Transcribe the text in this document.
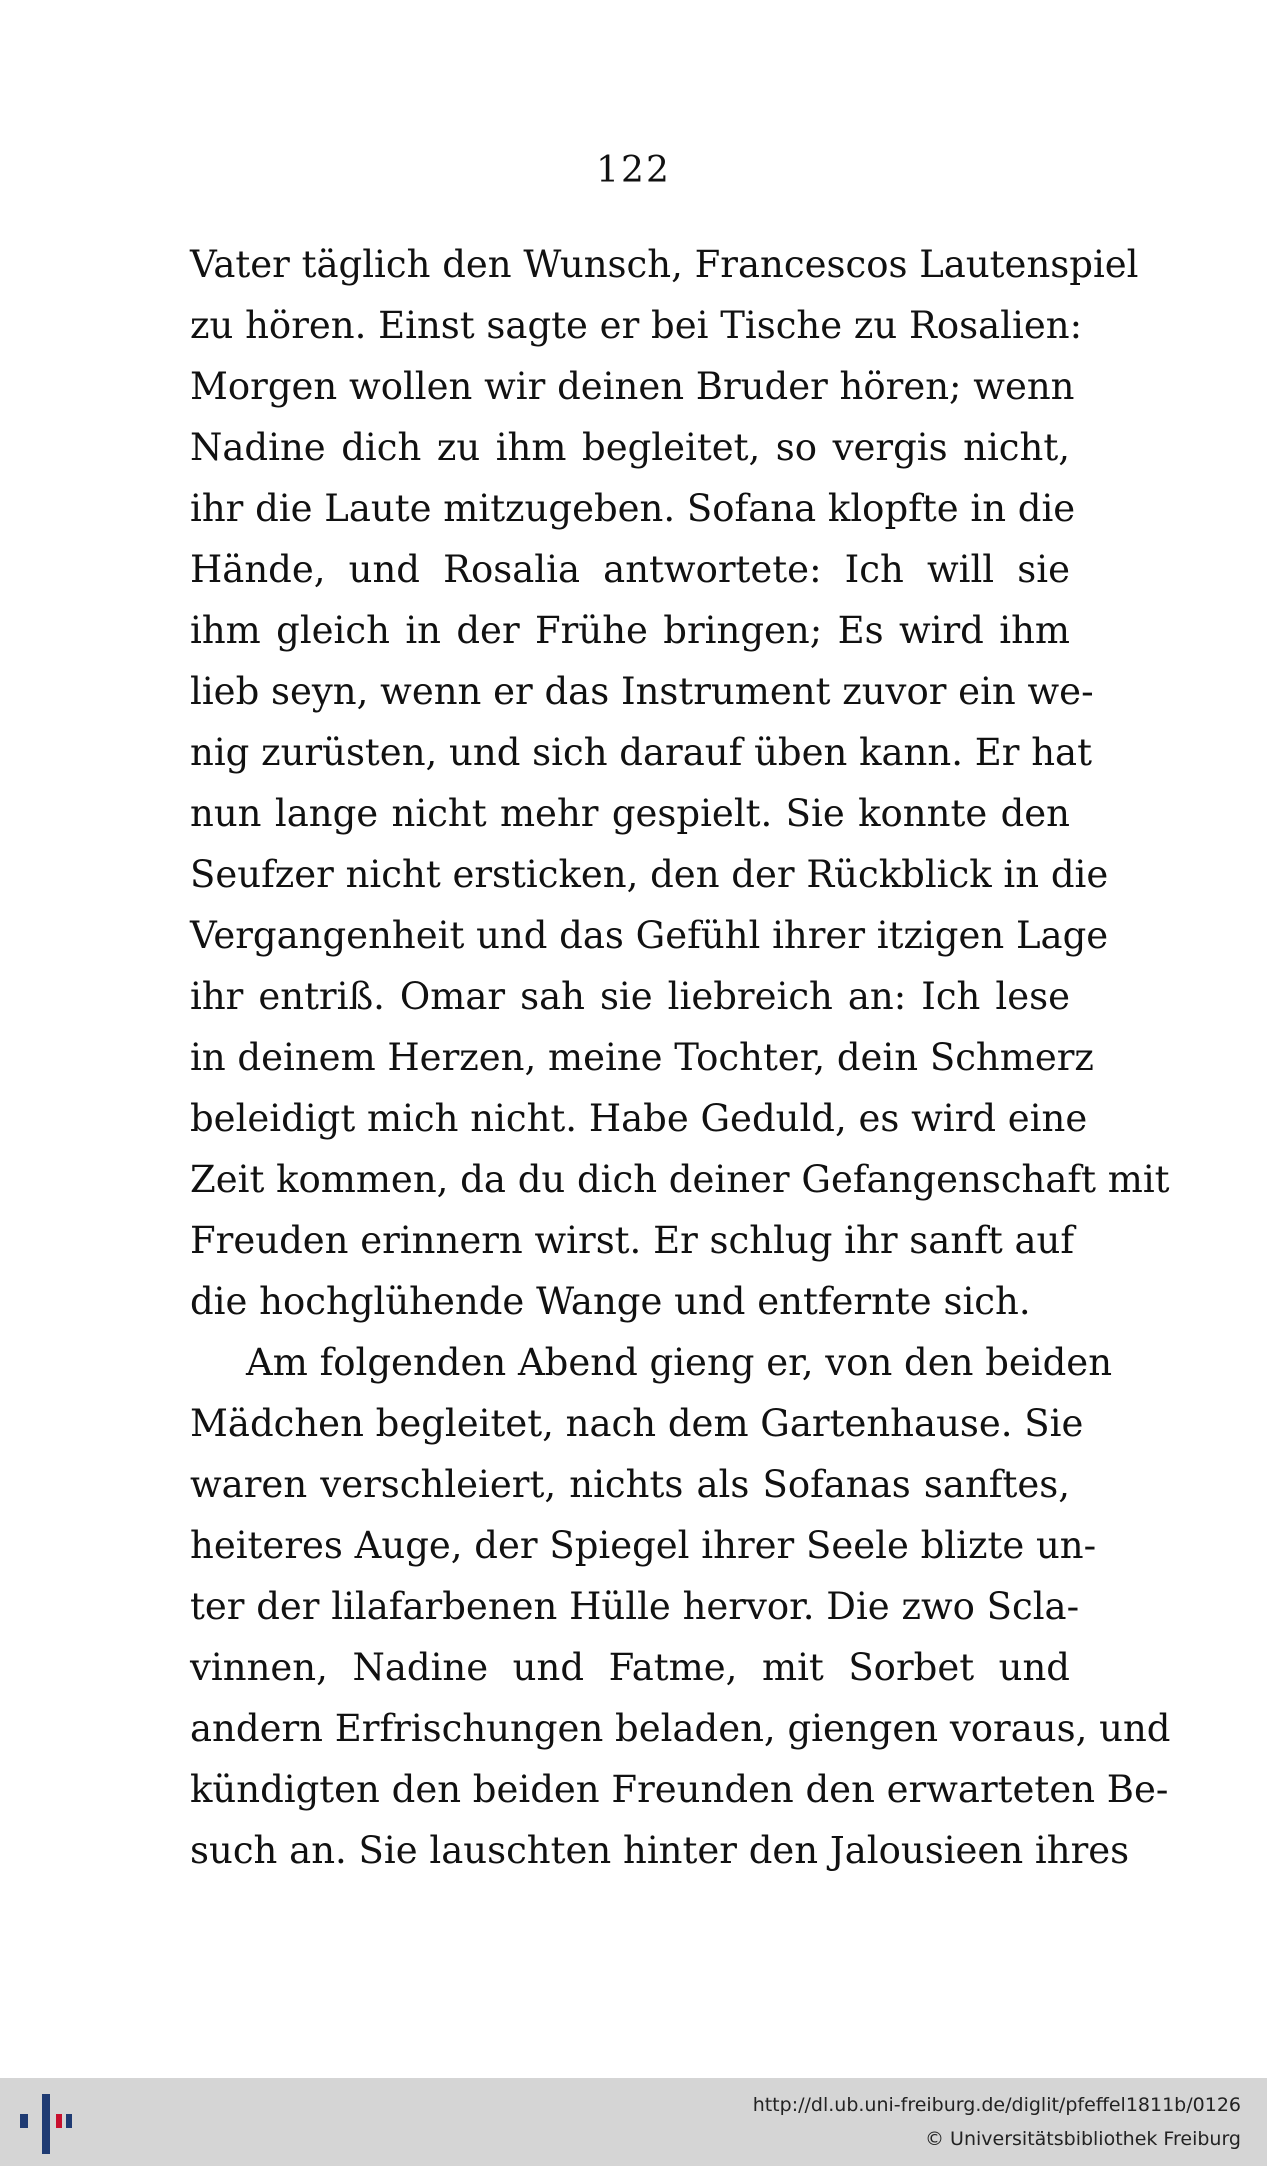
122
Vater täglich den Wunsch, Francescos Lautenspiel
zu hören. Einst sagte er bei Tische zu Rosalien:
Morgen wollen wir deinen Bruder hören; wenn
Nadine dich zu ihm begleitet, so vergis nicht,
ihr die Laute mitzugeben. Sofana klopfte in die
Hände, und Rosalia antwortete: Ich will sie
ihm gleich in der Frühe bringen; Es wird ihm
lieb seyn, wenn er das Instrument zuvor ein we-
nig zurüsten, und sich darauf üben kann. Er hat
nun lange nicht mehr gespielt. Sie konnte den
Seufzer nicht ersticken, den der Rückblick in die
Vergangenheit und das Gefühl ihrer itzigen Lage
ihr entriß. Omar sah sie liebreich an: Ich lese
in deinem Herzen, meine Tochter, dein Schmerz
beleidigt mich nicht. Habe Geduld, es wird eine
Zeit kommen, da du dich deiner Gefangenschaft mit
Freuden erinnern wirst. Er schlug ihr sanft auf
die hochglühende Wange und entfernte sich.
Am folgenden Abend gieng er, von den beiden
Mädchen begleitet, nach dem Gartenhause. Sie
waren verschleiert, nichts als Sofanas sanftes,
heiteres Auge, der Spiegel ihrer Seele blizte un-
ter der lilafarbenen Hülle hervor. Die zwo Scla-
vinnen, Nadine und Fatme, mit Sorbet und
andern Erfrischungen beladen, giengen voraus, und
kündigten den beiden Freunden den erwarteten Be-
such an. Sie lauschten hinter den Jalousieen ihres
http://dl.ub.uni-freiburg.de/diglit/pfeffel1811b/0126
© Universitätsbibliothek Freiburg
